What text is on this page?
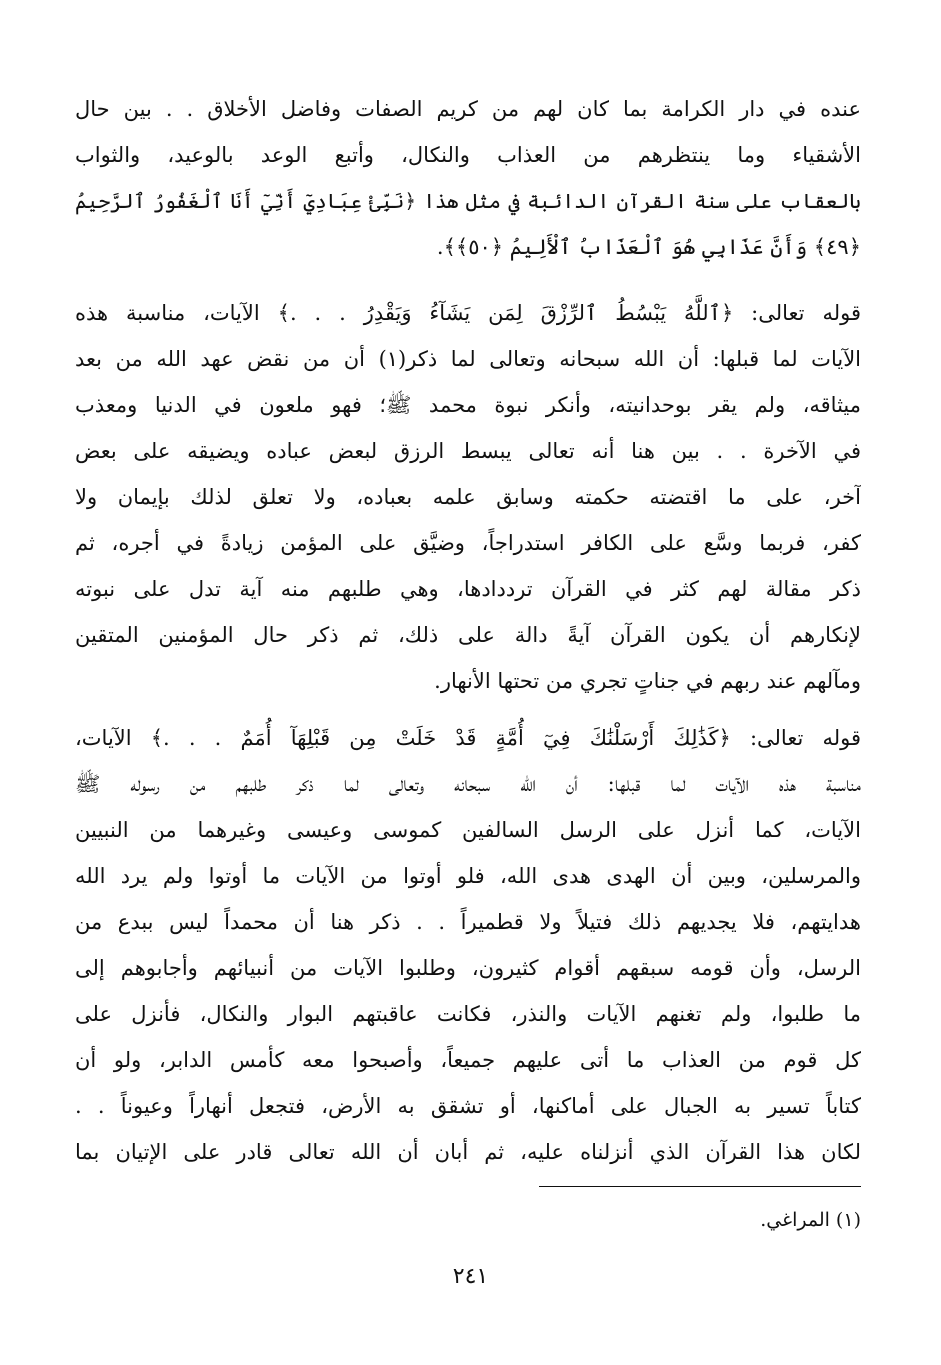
عنده في دار الكرامة بما كان لهم من كريم الصفات وفاضل الأخلاق . . بين حال
الأشقياء وما ينتظرهم من العذاب والنكال، وأتبع الوعد بالوعيد، والثواب
بالعقاب على سنة القرآن الدائبة في مثل هذا ﴿نَبِّئْ عِبَادِيٓ أَنِّيٓ أَنَا ٱلْغَفُورُ ٱلرَّحِيمُ
﴿٤٩﴾ وَأَنَّ عَذَابِي هُوَ ٱلْعَذَابُ ٱلْأَلِيمُ ﴿٥٠﴾﴾.
قوله تعالى: ﴿ٱللَّهُ يَبْسُطُ ٱلرِّزْقَ لِمَن يَشَآءُ وَيَقْدِرُ . . .﴾ الآيات، مناسبة هذه
الآيات لما قبلها: أن الله سبحانه وتعالى لما ذكر(١) أن من نقض عهد الله من بعد
ميثاقه، ولم يقر بوحدانيته، وأنكر نبوة محمد ﷺ؛ فهو ملعون في الدنيا ومعذب
في الآخرة . . بين هنا أنه تعالى يبسط الرزق لبعض عباده ويضيقه على بعض
آخر، على ما اقتضته حكمته وسابق علمه بعباده، ولا تعلق لذلك بإيمان ولا
كفر، فربما وسَّع على الكافر استدراجاً، وضيَّق على المؤمن زيادةً في أجره، ثم
ذكر مقالة لهم كثر في القرآن ترددادها، وهي طلبهم منه آية تدل على نبوته
لإنكارهم أن يكون القرآن آيةً دالة على ذلك، ثم ذكر حال المؤمنين المتقين
ومآلهم عند ربهم في جناتٍ تجري من تحتها الأنهار.
قوله تعالى: ﴿كَذَٰلِكَ أَرْسَلْنَٰكَ فِيٓ أُمَّةٍ قَدْ خَلَتْ مِن قَبْلِهَآ أُمَمٌ . . .﴾ الآيات،
مناسبة هذه الآيات لما قبلها: أن الله سبحانه وتعالى لما ذكر طلبهم من رسوله ﷺ
الآيات، كما أنزل على الرسل السالفين كموسى وعيسى وغيرهما من النبيين
والمرسلين، وبين أن الهدى هدى الله، فلو أوتوا من الآيات ما أوتوا ولم يرد الله
هدايتهم، فلا يجديهم ذلك فتيلاً ولا قطميراً . . ذكر هنا أن محمداً ليس ببدع من
الرسل، وأن قومه سبقهم أقوام كثيرون، وطلبوا الآيات من أنبيائهم وأجابوهم إلى
ما طلبوا، ولم تغنهم الآيات والنذر، فكانت عاقبتهم البوار والنكال، فأنزل على
كل قوم من العذاب ما أتى عليهم جميعاً، وأصبحوا معه كأمس الدابر، ولو أن
كتاباً تسير به الجبال على أماكنها، أو تشقق به الأرض، فتجعل أنهاراً وعيوناً . .
لكان هذا القرآن الذي أنزلناه عليه، ثم أبان أن الله تعالى قادر على الإتيان بما
(١) المراغي.
٢٤١
